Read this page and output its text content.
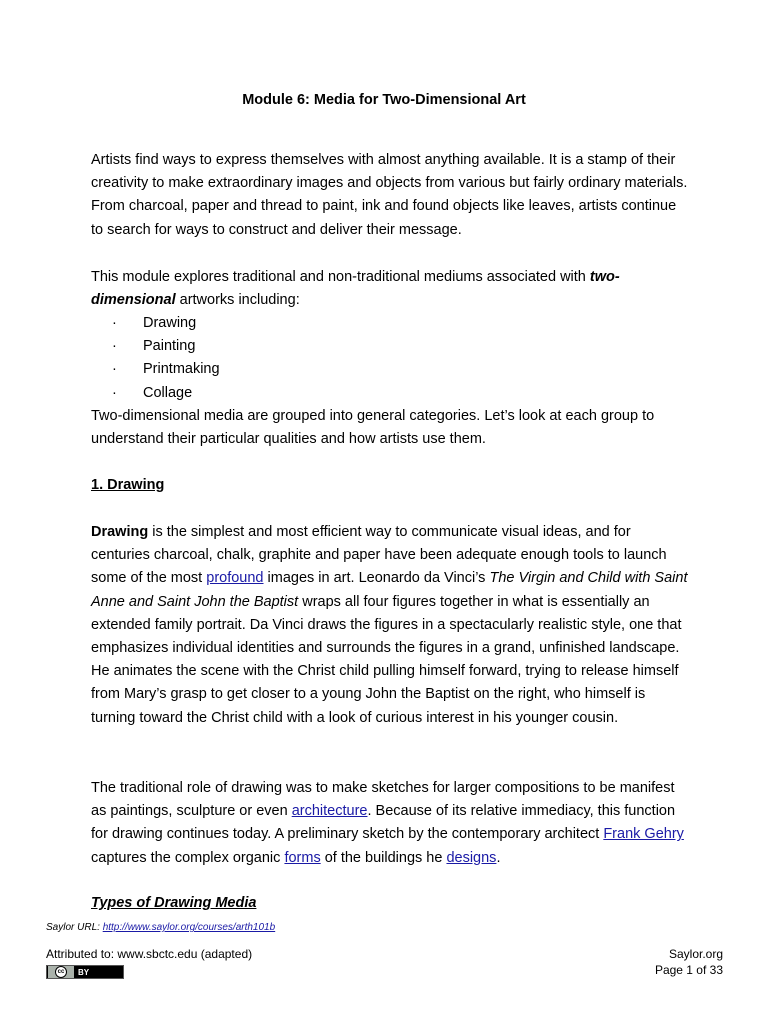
Module 6: Media for Two-Dimensional Art

Artists find ways to express themselves with almost anything available. It is a stamp of their creativity to make extraordinary images and objects from various but fairly ordinary materials. From charcoal, paper and thread to paint, ink and found objects like leaves, artists continue to search for ways to construct and deliver their message.

This module explores traditional and non-traditional mediums associated with two-dimensional artworks including:

· Drawing
· Painting
· Printmaking
· Collage

Two-dimensional media are grouped into general categories. Let’s look at each group to understand their particular qualities and how artists use them.

1. Drawing

Drawing is the simplest and most efficient way to communicate visual ideas, and for centuries charcoal, chalk, graphite and paper have been adequate enough tools to launch some of the most profound images in art. Leonardo da Vinci’s The Virgin and Child with Saint Anne and Saint John the Baptist wraps all four figures together in what is essentially an extended family portrait. Da Vinci draws the figures in a spectacularly realistic style, one that emphasizes individual identities and surrounds the figures in a grand, unfinished landscape. He animates the scene with the Christ child pulling himself forward, trying to release himself from Mary’s grasp to get closer to a young John the Baptist on the right, who himself is turning toward the Christ child with a look of curious interest in his younger cousin.

The traditional role of drawing was to make sketches for larger compositions to be manifest as paintings, sculpture or even architecture. Because of its relative immediacy, this function for drawing continues today. A preliminary sketch by the contemporary architect Frank Gehry captures the complex organic forms of the buildings he designs.

Types of Drawing Media
Saylor URL: http://www.saylor.org/courses/arth101b
Attributed to: www.sbctc.edu (adapted)
cc	BY
Saylor.org
Page 1 of 33
